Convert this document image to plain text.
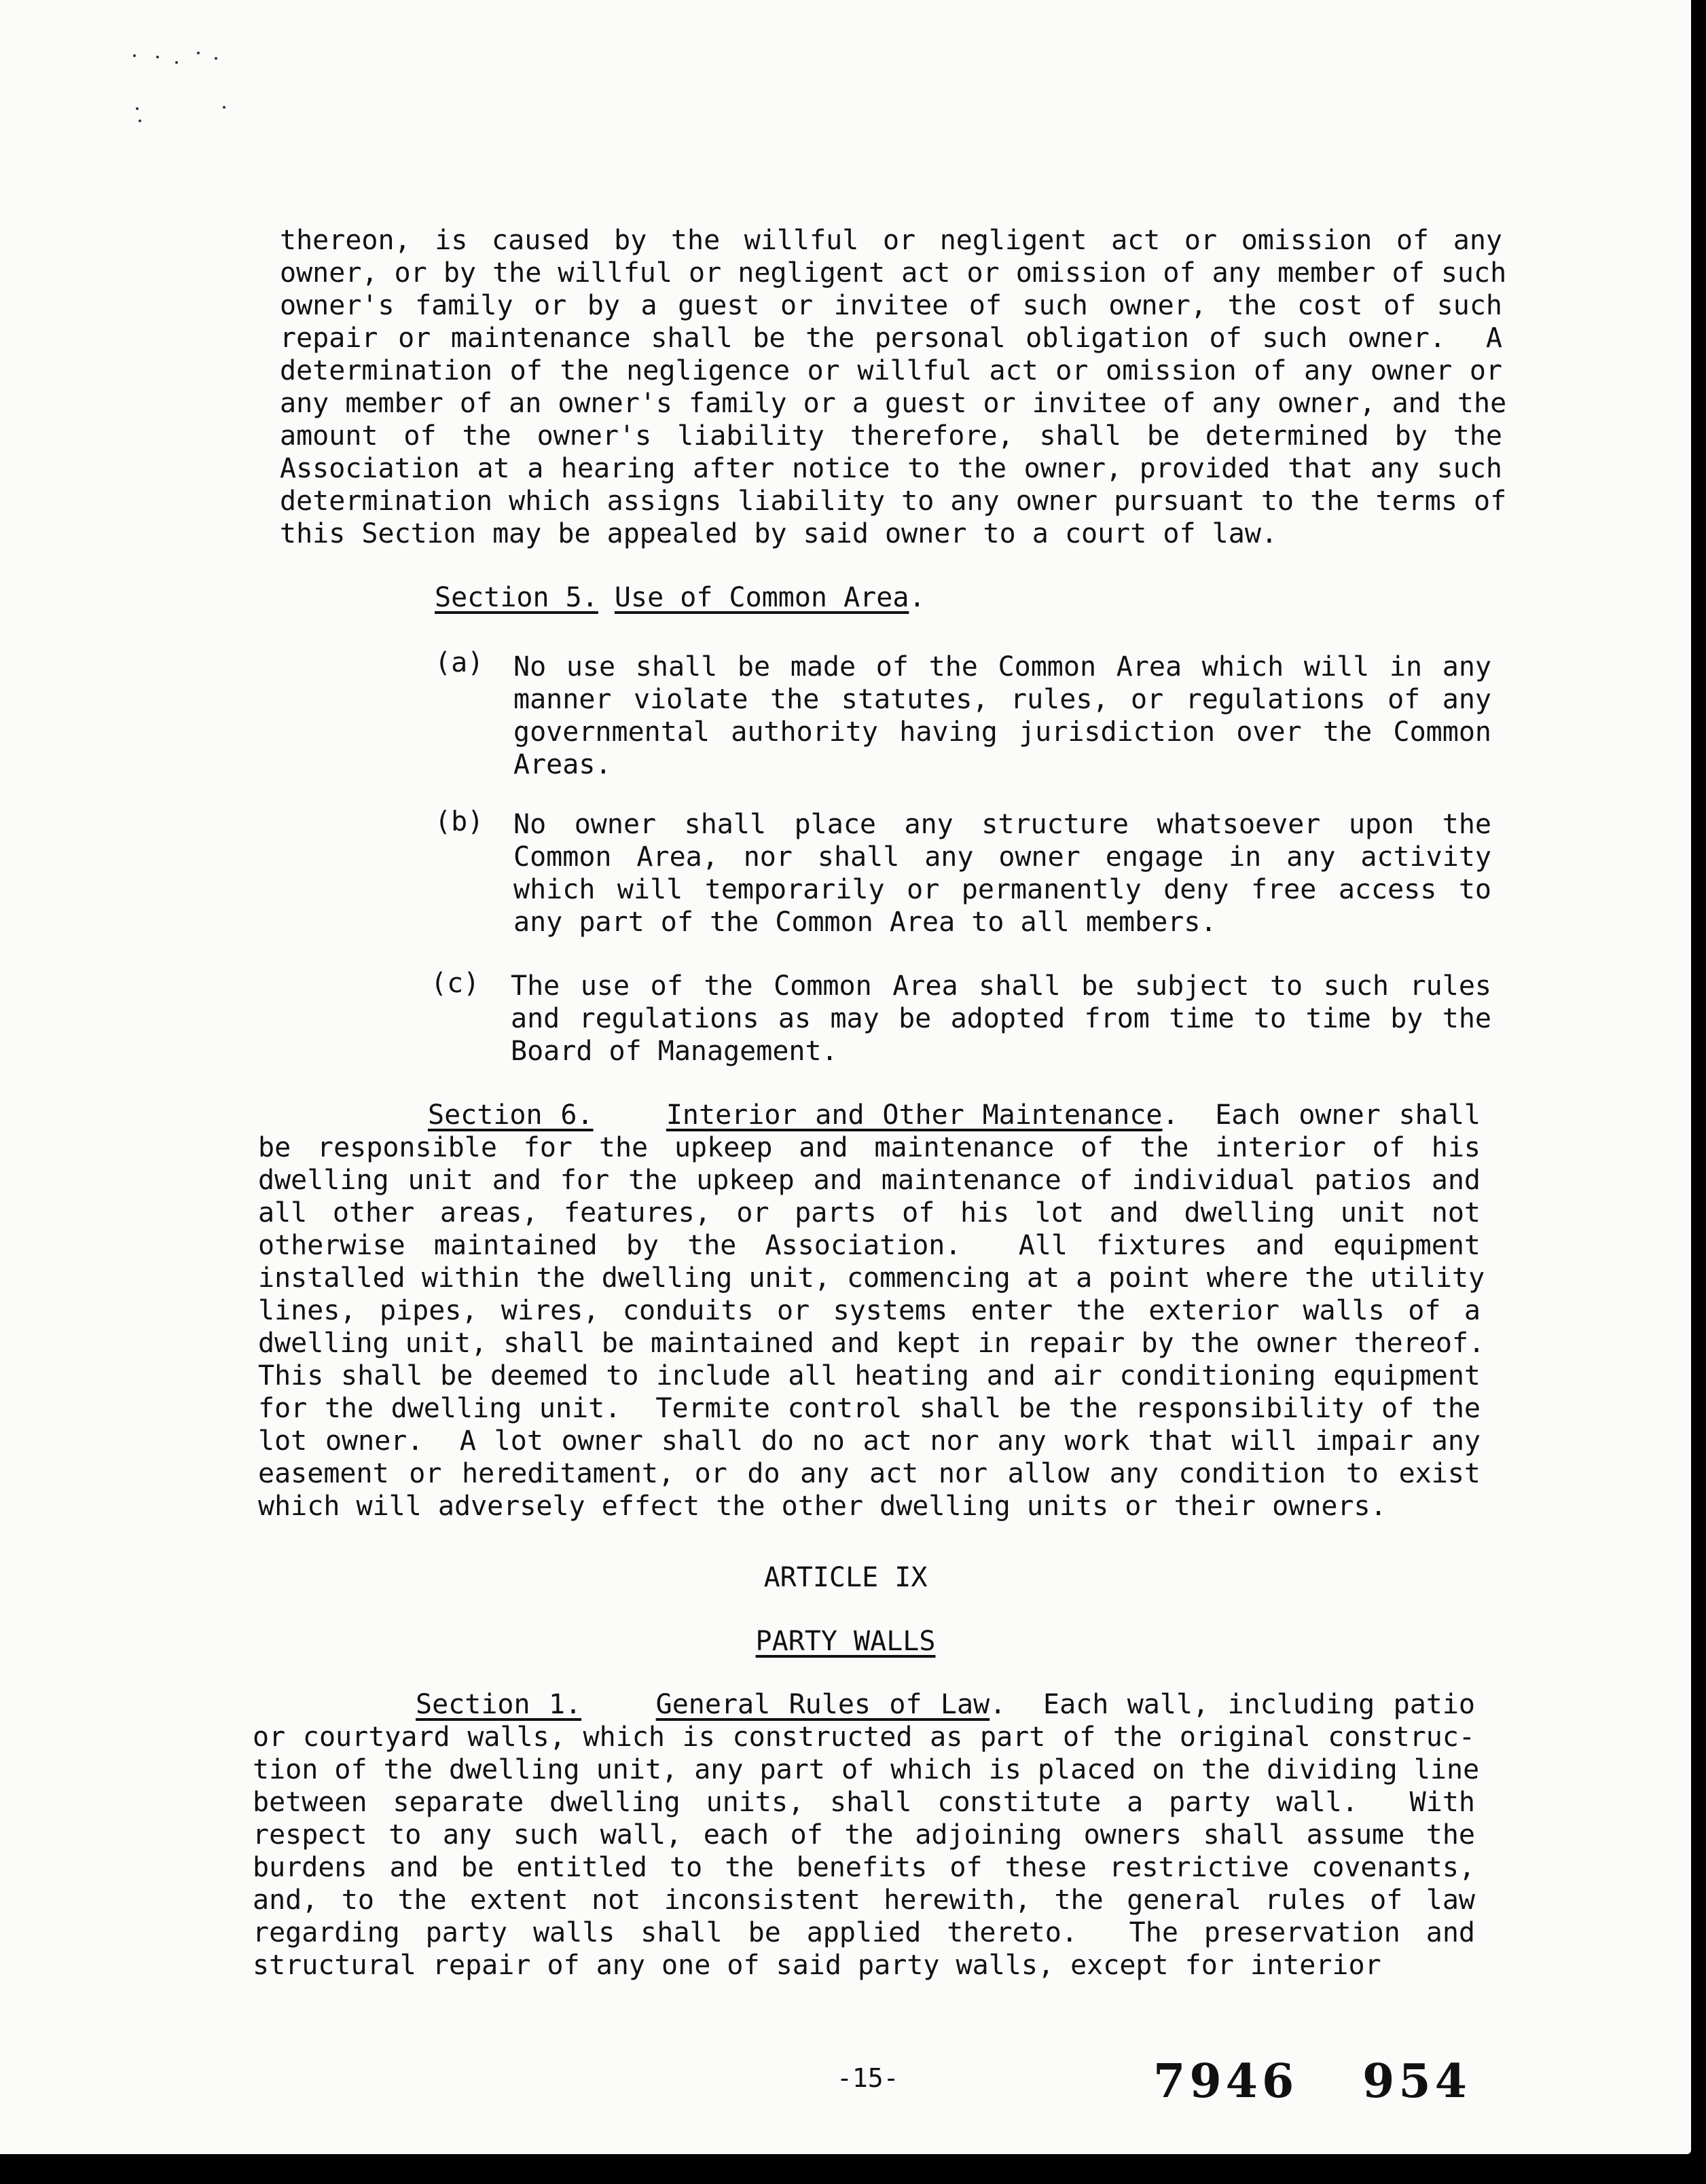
thereon, is caused by the willful or negligent act or omission of any
owner, or by the willful or negligent act or omission of any member of such
owner's family or by a guest or invitee of such owner, the cost of such
repair or maintenance shall be the personal obligation of such owner.  A
determination of the negligence or willful act or omission of any owner or
any member of an owner's family or a guest or invitee of any owner, and the
amount of the owner's liability therefore, shall be determined by the
Association at a hearing after notice to the owner, provided that any such
determination which assigns liability to any owner pursuant to the terms of
this Section may be appealed by said owner to a court of law.
Section 5. Use of Common Area.
(a) No use shall be made of the Common Area which will in any
manner violate the statutes, rules, or regulations of any
governmental authority having jurisdiction over the Common
Areas.
(b) No owner shall place any structure whatsoever upon the
Common Area, nor shall any owner engage in any activity
which will temporarily or permanently deny free access to
any part of the Common Area to all members.
(c) The use of the Common Area shall be subject to such rules
and regulations as may be adopted from time to time by the
Board of Management.
Section 6.	Interior and Other Maintenance.  Each owner shall
be responsible for the upkeep and maintenance of the interior of his
dwelling unit and for the upkeep and maintenance of individual patios and
all other areas, features, or parts of his lot and dwelling unit not
otherwise maintained by the Association.  All fixtures and equipment
installed within the dwelling unit, commencing at a point where the utility
lines, pipes, wires, conduits or systems enter the exterior walls of a
dwelling unit, shall be maintained and kept in repair by the owner thereof.
This shall be deemed to include all heating and air conditioning equipment
for the dwelling unit.  Termite control shall be the responsibility of the
lot owner.  A lot owner shall do no act nor any work that will impair any
easement or hereditament, or do any act nor allow any condition to exist
which will adversely effect the other dwelling units or their owners.
ARTICLE IX
PARTY WALLS
Section 1.	General Rules of Law.  Each wall, including patio
or courtyard walls, which is constructed as part of the original construc-
tion of the dwelling unit, any part of which is placed on the dividing line
between separate dwelling units, shall constitute a party wall.  With
respect to any such wall, each of the adjoining owners shall assume the
burdens and be entitled to the benefits of these restrictive covenants,
and, to the extent not inconsistent herewith, the general rules of law
regarding party walls shall be applied thereto.  The preservation and
structural repair of any one of said party walls, except for interior
-15-	7946 954
